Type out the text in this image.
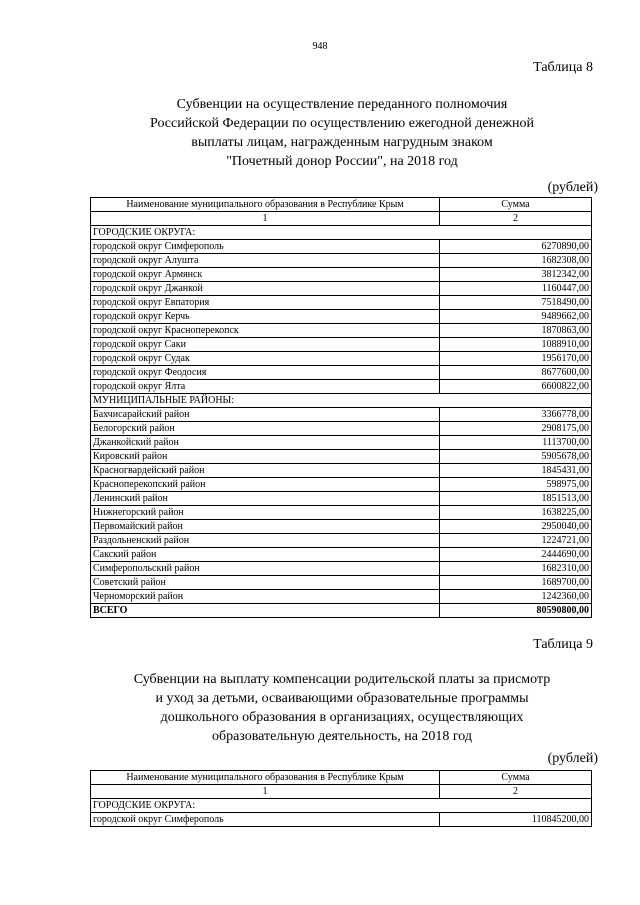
948
Таблица 8
Субвенции на осуществление переданного полномочия
Российской Федерации по осуществлению ежегодной денежной
выплаты лицам, награжденным нагрудным знаком
"Почетный донор России", на 2018 год
(рублей)
Наименование муниципального образования в Республике Крым	Сумма
1	2
ГОРОДСКИЕ ОКРУГА:	
городской округ Симферополь	6270890,00
городской округ Алушта	1682308,00
городской округ Армянск	3812342,00
городской округ Джанкой	1160447,00
городской округ Евпатория	7518490,00
городской округ Керчь	9489662,00
городской округ Красноперекопск	1870863,00
городской округ Саки	1088910,00
городской округ Судак	1956170,00
городской округ Феодосия	8677600,00
городской округ Ялта	6600822,00
МУНИЦИПАЛЬНЫЕ РАЙОНЫ:	
Бахчисарайский район	3366778,00
Белогорский район	2908175,00
Джанкойский район	1113700,00
Кировский район	5905678,00
Красногвардейский район	1845431,00
Красноперекопский район	598975,00
Ленинский район	1851513,00
Нижнегорский район	1638225,00
Первомайский район	2950040,00
Раздольненский район	1224721,00
Сакский район	2444690,00
Симферопольский район	1682310,00
Советский район	1689700,00
Черноморский район	1242360,00
ВСЕГО	80590800,00
Таблица 9
Субвенции на выплату компенсации родительской платы за присмотр
и уход за детьми, осваивающими образовательные программы
дошкольного образования в организациях, осуществляющих
образовательную деятельность, на 2018 год
(рублей)
Наименование муниципального образования в Республике Крым	Сумма
1	2
ГОРОДСКИЕ ОКРУГА:	
городской округ Симферополь	110845200,00
